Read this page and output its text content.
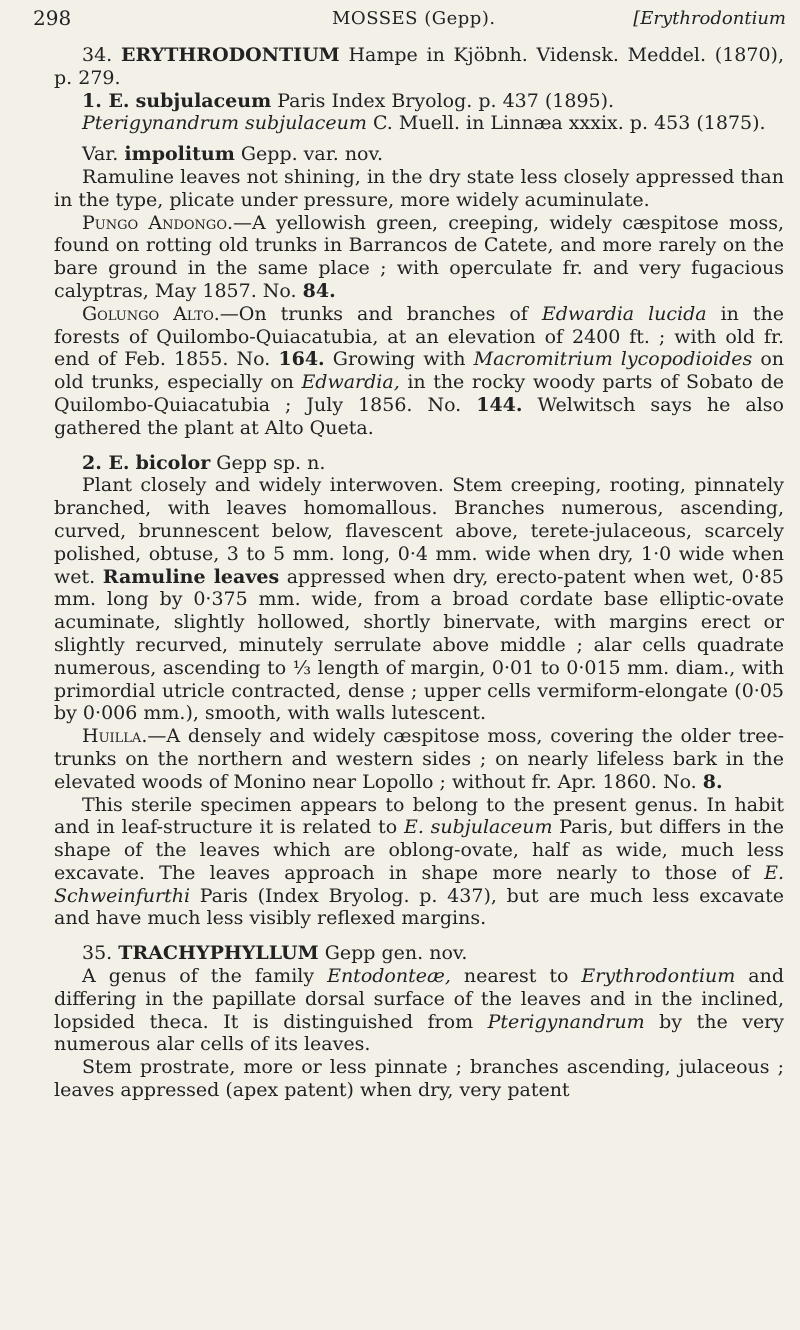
298	MOSSES (Gepp).	[Erythrodontium

34. ERYTHRODONTIUM Hampe in Kjöbnh. Vidensk. Meddel. (1870), p. 279.

1. E. subjulaceum Paris Index Bryolog. p. 437 (1895).

Pterigynandrum subjulaceum C. Muell. in Linnæa xxxix. p. 453 (1875).

Var. impolitum Gepp. var. nov.

Ramuline leaves not shining, in the dry state less closely appressed than in the type, plicate under pressure, more widely acuminulate.

Pungo Andongo.—A yellowish green, creeping, widely cæspitose moss, found on rotting old trunks in Barrancos de Catete, and more rarely on the bare ground in the same place ; with operculate fr. and very fugacious calyptras, May 1857. No. 84.

Golungo Alto.—On trunks and branches of Edwardia lucida in the forests of Quilombo-Quiacatubia, at an elevation of 2400 ft. ; with old fr. end of Feb. 1855. No. 164. Growing with Macromitrium lycopodioides on old trunks, especially on Edwardia, in the rocky woody parts of Sobato de Quilombo-Quiacatubia ; July 1856. No. 144. Welwitsch says he also gathered the plant at Alto Queta.

2. E. bicolor Gepp sp. n.

Plant closely and widely interwoven. Stem creeping, rooting, pinnately branched, with leaves homomallous. Branches numerous, ascending, curved, brunnescent below, flavescent above, terete-julaceous, scarcely polished, obtuse, 3 to 5 mm. long, 0·4 mm. wide when dry, 1·0 wide when wet. Ramuline leaves appressed when dry, erecto-patent when wet, 0·85 mm. long by 0·375 mm. wide, from a broad cordate base elliptic-ovate acuminate, slightly hollowed, shortly binervate, with margins erect or slightly recurved, minutely serrulate above middle ; alar cells quadrate numerous, ascending to ⅓ length of margin, 0·01 to 0·015 mm. diam., with primordial utricle contracted, dense ; upper cells vermiform-elongate (0·05 by 0·006 mm.), smooth, with walls lutescent.

Huilla.—A densely and widely cæspitose moss, covering the older tree-trunks on the northern and western sides ; on nearly lifeless bark in the elevated woods of Monino near Lopollo ; without fr. Apr. 1860. No. 8.

This sterile specimen appears to belong to the present genus. In habit and in leaf-structure it is related to E. subjulaceum Paris, but differs in the shape of the leaves which are oblong-ovate, half as wide, much less excavate. The leaves approach in shape more nearly to those of E. Schweinfurthi Paris (Index Bryolog. p. 437), but are much less excavate and have much less visibly reflexed margins.

35. TRACHYPHYLLUM Gepp gen. nov.

A genus of the family Entodonteæ, nearest to Erythrodontium and differing in the papillate dorsal surface of the leaves and in the inclined, lopsided theca. It is distinguished from Pterigynandrum by the very numerous alar cells of its leaves.

Stem prostrate, more or less pinnate ; branches ascending, julaceous ; leaves appressed (apex patent) when dry, very patent
